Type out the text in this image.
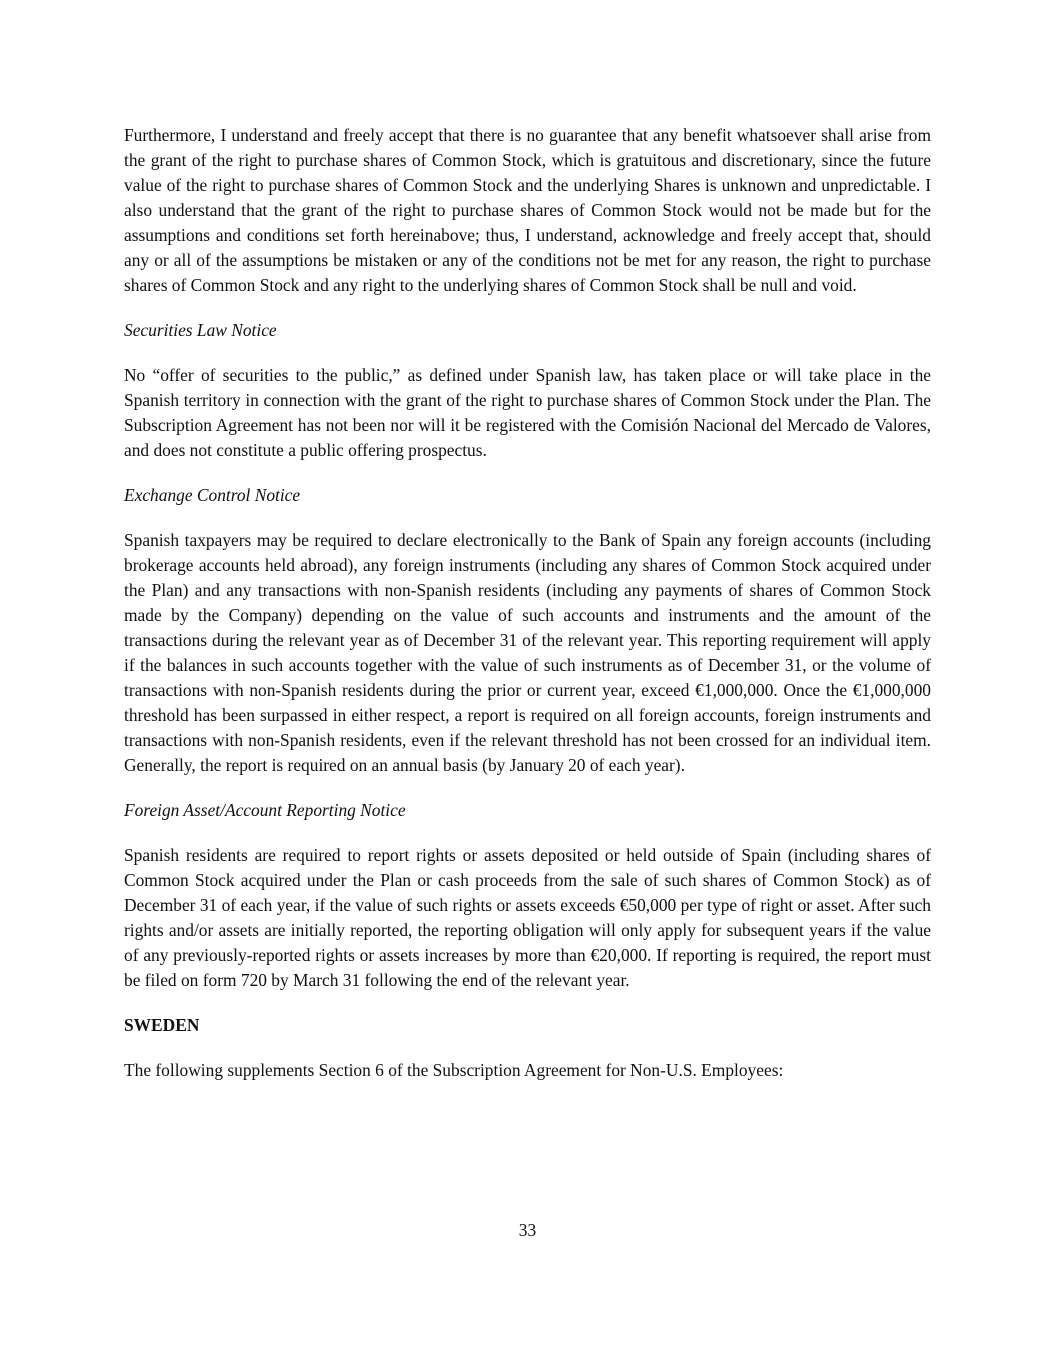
Furthermore, I understand and freely accept that there is no guarantee that any benefit whatsoever shall arise from the grant of the right to purchase shares of Common Stock, which is gratuitous and discretionary, since the future value of the right to purchase shares of Common Stock and the underlying Shares is unknown and unpredictable. I also understand that the grant of the right to purchase shares of Common Stock would not be made but for the assumptions and conditions set forth hereinabove; thus, I understand, acknowledge and freely accept that, should any or all of the assumptions be mistaken or any of the conditions not be met for any reason, the right to purchase shares of Common Stock and any right to the underlying shares of Common Stock shall be null and void.

Securities Law Notice

No “offer of securities to the public,” as defined under Spanish law, has taken place or will take place in the Spanish territory in connection with the grant of the right to purchase shares of Common Stock under the Plan. The Subscription Agreement has not been nor will it be registered with the Comisión Nacional del Mercado de Valores, and does not constitute a public offering prospectus.

Exchange Control Notice

Spanish taxpayers may be required to declare electronically to the Bank of Spain any foreign accounts (including brokerage accounts held abroad), any foreign instruments (including any shares of Common Stock acquired under the Plan) and any transactions with non-Spanish residents (including any payments of shares of Common Stock made by the Company) depending on the value of such accounts and instruments and the amount of the transactions during the relevant year as of December 31 of the relevant year. This reporting requirement will apply if the balances in such accounts together with the value of such instruments as of December 31, or the volume of transactions with non-Spanish residents during the prior or current year, exceed €1,000,000. Once the €1,000,000 threshold has been surpassed in either respect, a report is required on all foreign accounts, foreign instruments and transactions with non-Spanish residents, even if the relevant threshold has not been crossed for an individual item. Generally, the report is required on an annual basis (by January 20 of each year).

Foreign Asset/Account Reporting Notice

Spanish residents are required to report rights or assets deposited or held outside of Spain (including shares of Common Stock acquired under the Plan or cash proceeds from the sale of such shares of Common Stock) as of December 31 of each year, if the value of such rights or assets exceeds €50,000 per type of right or asset. After such rights and/or assets are initially reported, the reporting obligation will only apply for subsequent years if the value of any previously-reported rights or assets increases by more than €20,000. If reporting is required, the report must be filed on form 720 by March 31 following the end of the relevant year.

SWEDEN

The following supplements Section 6 of the Subscription Agreement for Non-U.S. Employees:

33
